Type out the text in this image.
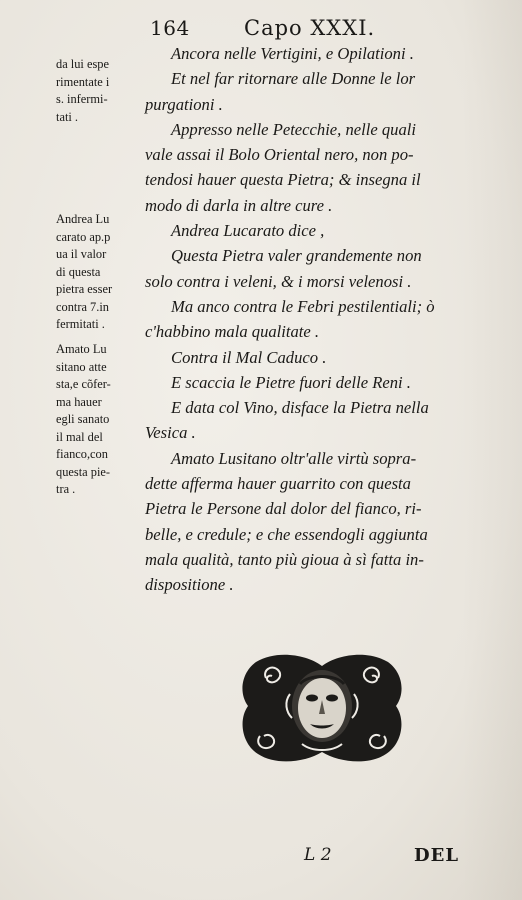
164	Capo XXXI.

da lui espe
rimentate i
s. infermi-
tati .

Andrea Lu
carato ap.p
ua il valor
di questa
pietra esser
contra 7.in
fermitati .

Amato Lu
sitano atte
sta,e cõfer-
ma hauer
egli sanato
il mal del
fianco,con
questa pie-
tra .

Ancora nelle Vertigini, e Opilationi .
Et nel far ritornare alle Donne le lor
purgationi .
Appresso nelle Petecchie, nelle quali
vale assai il Bolo Oriental nero, non po-
tendosi hauer questa Pietra; & insegna il
modo di darla in altre cure .
Andrea Lucarato dice ,
Questa Pietra valer grandemente non
solo contra i veleni, & i morsi velenosi .
Ma anco contra le Febri pestilentiali; ò
c'habbino mala qualitate .
Contra il Mal Caduco .
E scaccia le Pietre fuori delle Reni .
E data col Vino, disface la Pietra nella
Vesica .
Amato Lusitano oltr'alle virtù sopra-
dette afferma hauer guarrito con questa
Pietra le Persone dal dolor del fianco, ri-
belle, e credule; e che essendogli aggiunta
mala qualità, tanto più gioua à sì fatta in-
dispositione .
L 2	DEL
